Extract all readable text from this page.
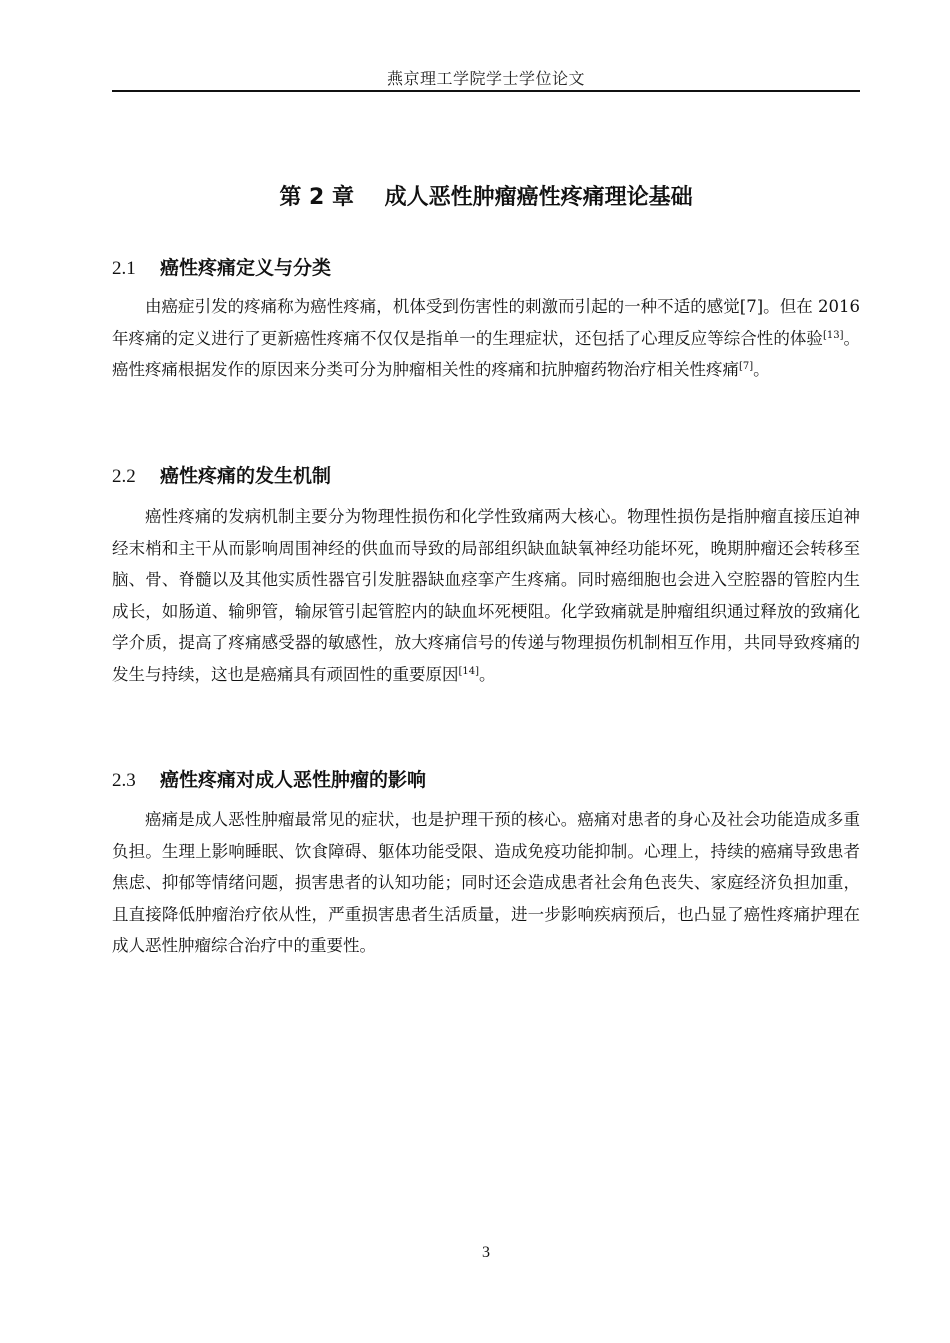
燕京理工学院学士学位论文
第 2 章    成人恶性肿瘤癌性疼痛理论基础
2.1 癌性疼痛定义与分类

由癌症引发的疼痛称为癌性疼痛，机体受到伤害性的刺激而引起的一种不适的感觉[7]。但在 2016 年疼痛的定义进行了更新癌性疼痛不仅仅是指单一的生理症状，还包括了心理反应等综合性的体验[13]。癌性疼痛根据发作的原因来分类可分为肿瘤相关性的疼痛和抗肿瘤药物治疗相关性疼痛[7]。

2.2 癌性疼痛的发生机制

癌性疼痛的发病机制主要分为物理性损伤和化学性致痛两大核心。物理性损伤是指肿瘤直接压迫神经末梢和主干从而影响周围神经的供血而导致的局部组织缺血缺氧神经功能坏死，晚期肿瘤还会转移至脑、骨、脊髓以及其他实质性器官引发脏器缺血痉挛产生疼痛。同时癌细胞也会进入空腔器的管腔内生成长，如肠道、输卵管，输尿管引起管腔内的缺血坏死梗阻。化学致痛就是肿瘤组织通过释放的致痛化学介质，提高了疼痛感受器的敏感性，放大疼痛信号的传递与物理损伤机制相互作用，共同导致疼痛的发生与持续，这也是癌痛具有顽固性的重要原因[14]。

2.3 癌性疼痛对成人恶性肿瘤的影响

癌痛是成人恶性肿瘤最常见的症状，也是护理干预的核心。癌痛对患者的身心及社会功能造成多重负担。生理上影响睡眠、饮食障碍、躯体功能受限、造成免疫功能抑制。心理上，持续的癌痛导致患者焦虑、抑郁等情绪问题，损害患者的认知功能；同时还会造成患者社会角色丧失、家庭经济负担加重，且直接降低肿瘤治疗依从性，严重损害患者生活质量，进一步影响疾病预后，也凸显了癌性疼痛护理在成人恶性肿瘤综合治疗中的重要性。

3
